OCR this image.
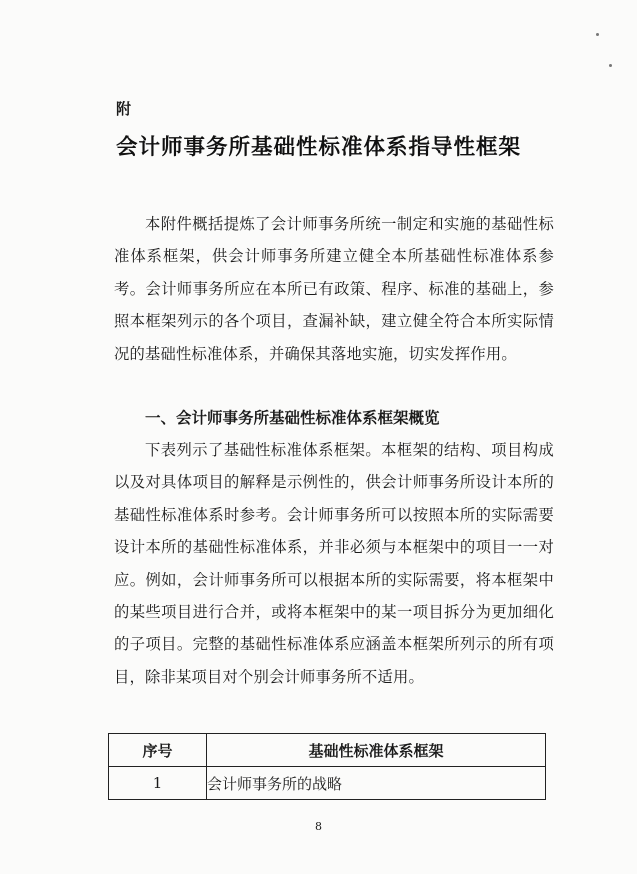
附
会计师事务所基础性标准体系指导性框架

本附件概括提炼了会计师事务所统一制定和实施的基础性标准体系框架，供会计师事务所建立健全本所基础性标准体系参考。会计师事务所应在本所已有政策、程序、标准的基础上，参照本框架列示的各个项目，查漏补缺，建立健全符合本所实际情况的基础性标准体系，并确保其落地实施，切实发挥作用。

一、会计师事务所基础性标准体系框架概览

下表列示了基础性标准体系框架。本框架的结构、项目构成以及对具体项目的解释是示例性的，供会计师事务所设计本所的基础性标准体系时参考。会计师事务所可以按照本所的实际需要设计本所的基础性标准体系，并非必须与本框架中的项目一一对应。例如，会计师事务所可以根据本所的实际需要，将本框架中的某些项目进行合并，或将本框架中的某一项目拆分为更加细化的子项目。完整的基础性标准体系应涵盖本框架所列示的所有项目，除非某项目对个别会计师事务所不适用。

序号	基础性标准体系框架
1	会计师事务所的战略
8
